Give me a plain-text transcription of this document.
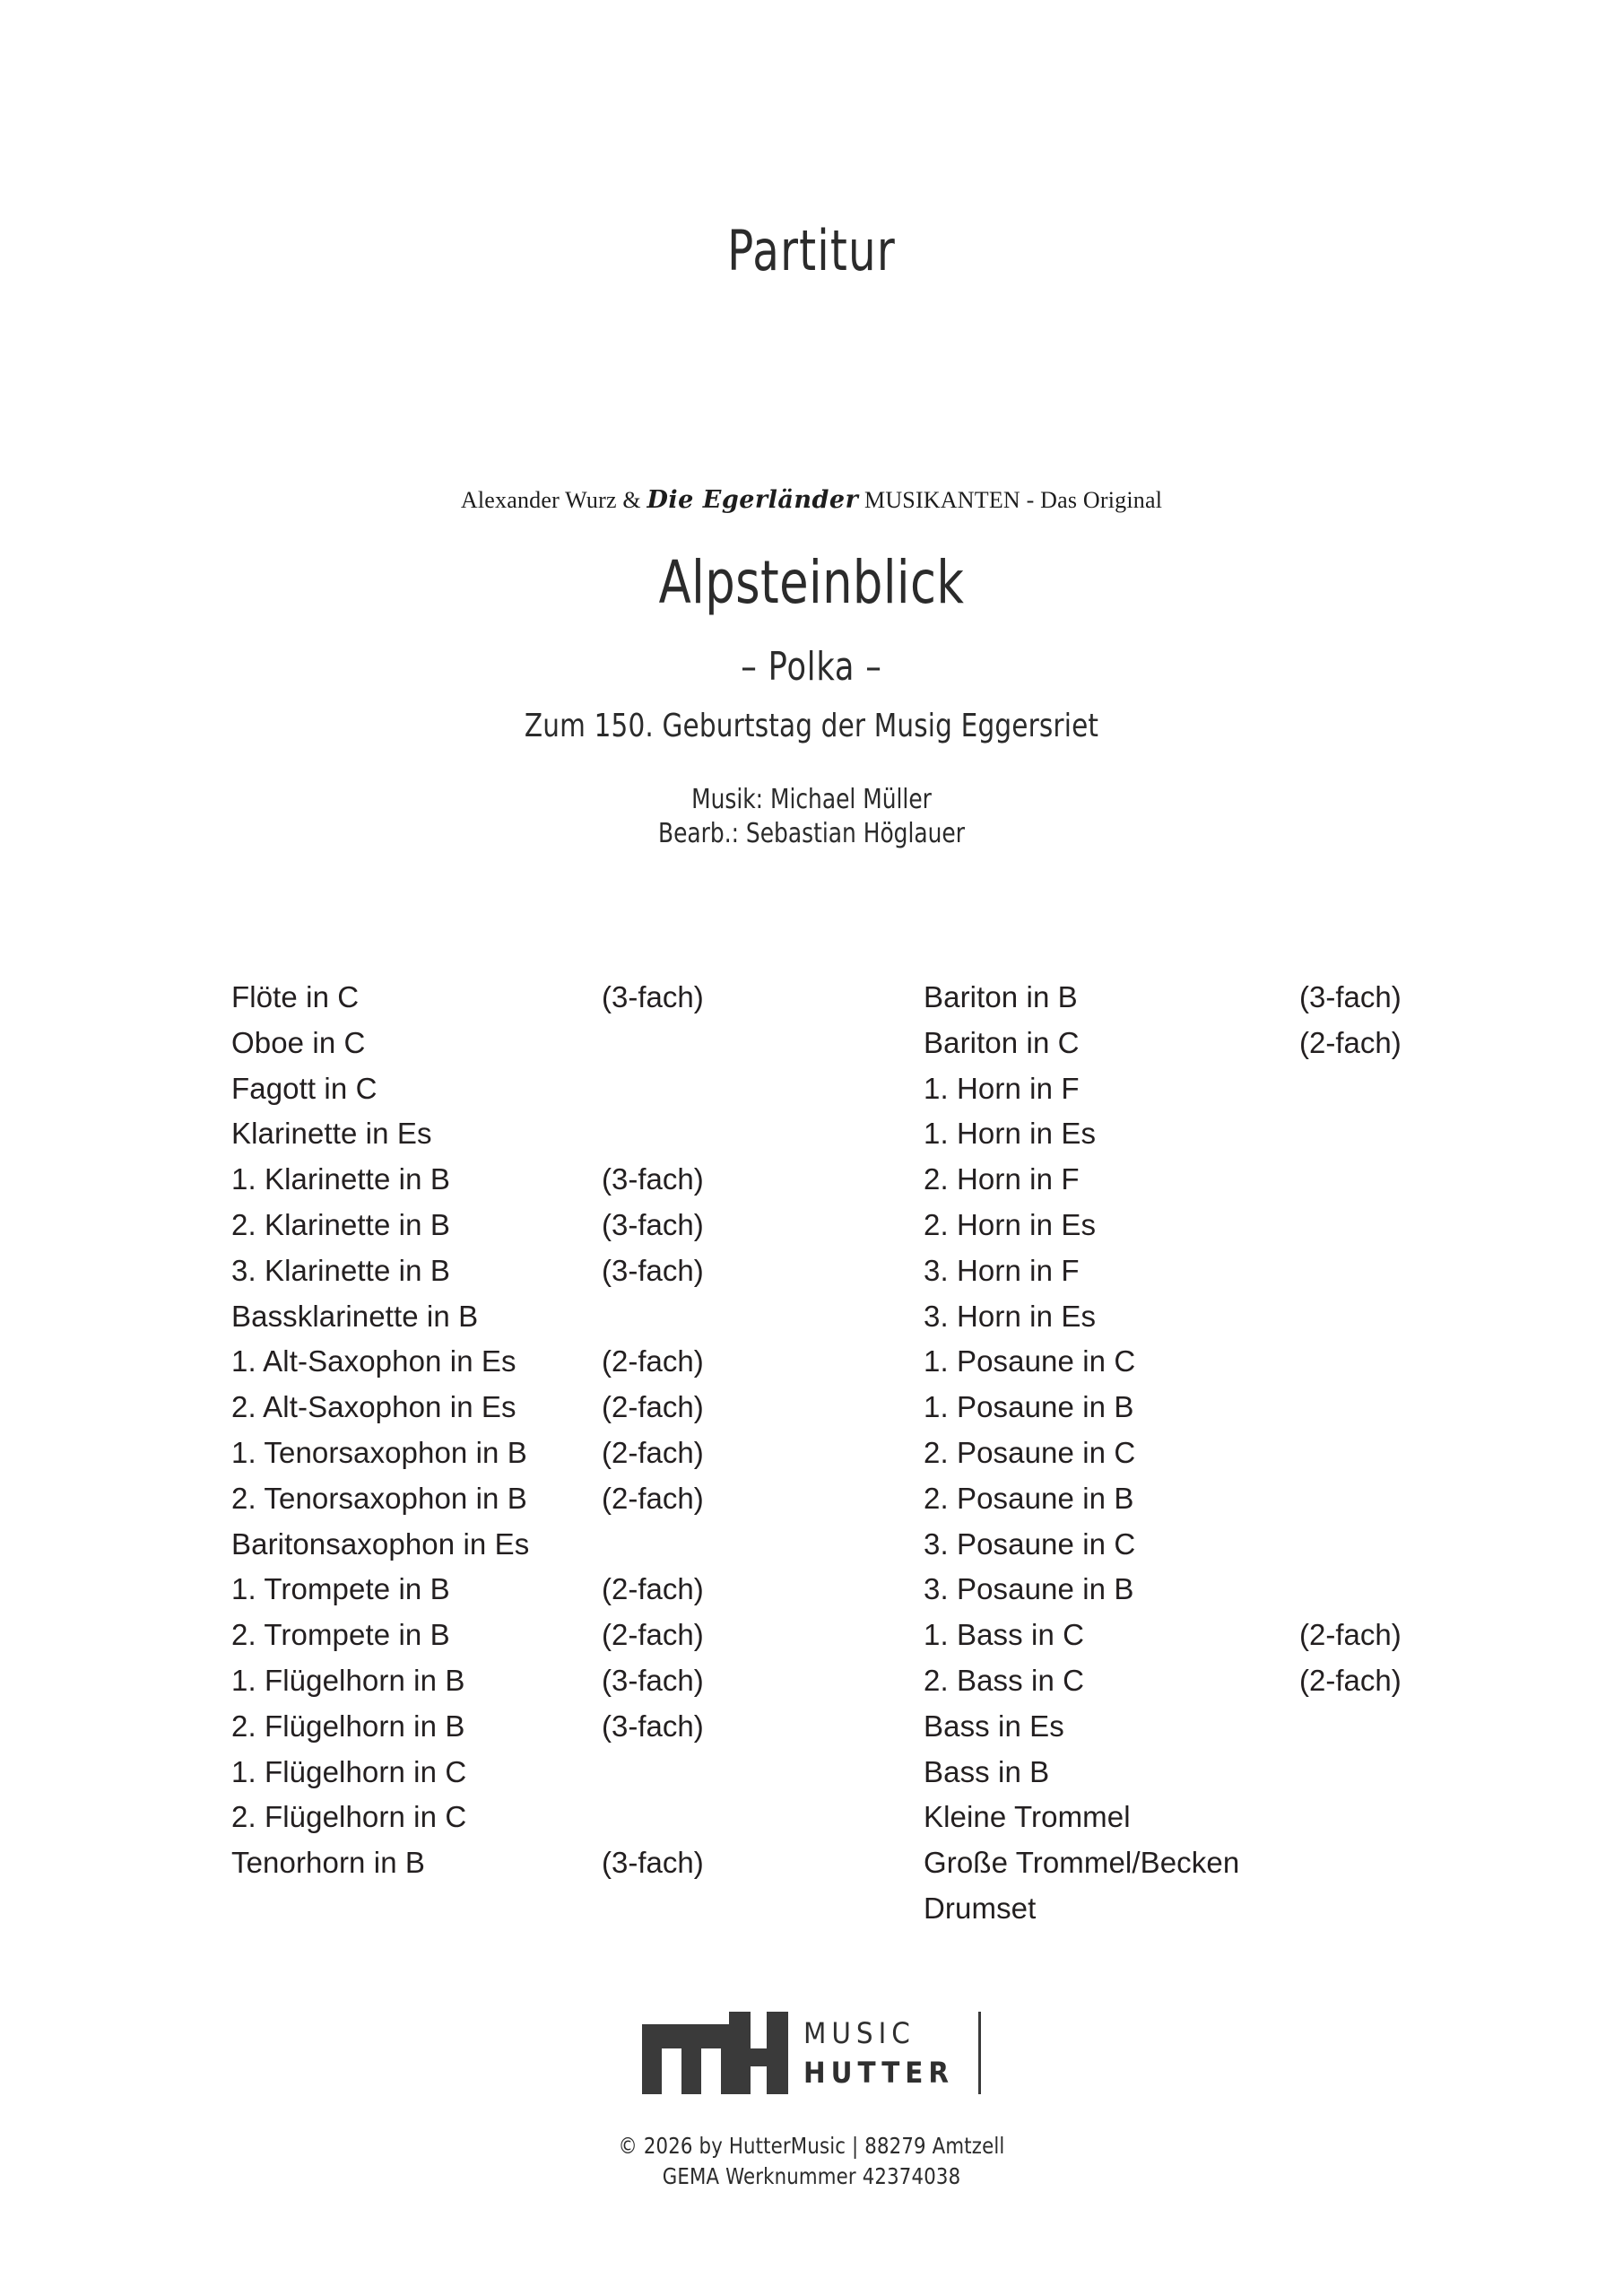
Partitur
Alexander Wurz & Die Egerländer MUSIKANTEN - Das Original
Alpsteinblick
– Polka –
Zum 150. Geburtstag der Musig Eggersriet
Musik: Michael Müller
Bearb.: Sebastian Höglauer
Flöte in C	(3-fach)
Oboe in C
Fagott in C
Klarinette in Es
1. Klarinette in B	(3-fach)
2. Klarinette in B	(3-fach)
3. Klarinette in B	(3-fach)
Bassklarinette in B
1. Alt-Saxophon in Es	(2-fach)
2. Alt-Saxophon in Es	(2-fach)
1. Tenorsaxophon in B	(2-fach)
2. Tenorsaxophon in B	(2-fach)
Baritonsaxophon in Es
1. Trompete in B	(2-fach)
2. Trompete in B	(2-fach)
1. Flügelhorn in B	(3-fach)
2. Flügelhorn in B	(3-fach)
1. Flügelhorn in C
2. Flügelhorn in C
Tenorhorn in B	(3-fach)
Bariton in B	(3-fach)
Bariton in C	(2-fach)
1. Horn in F
1. Horn in Es
2. Horn in F
2. Horn in Es
3. Horn in F
3. Horn in Es
1. Posaune in C
1. Posaune in B
2. Posaune in C
2. Posaune in B
3. Posaune in C
3. Posaune in B
1. Bass in C	(2-fach)
2. Bass in C	(2-fach)
Bass in Es
Bass in B
Kleine Trommel
Große Trommel/Becken
Drumset
MUSIC
HUTTER
© 2026 by HutterMusic | 88279 Amtzell
GEMA Werknummer 42374038
